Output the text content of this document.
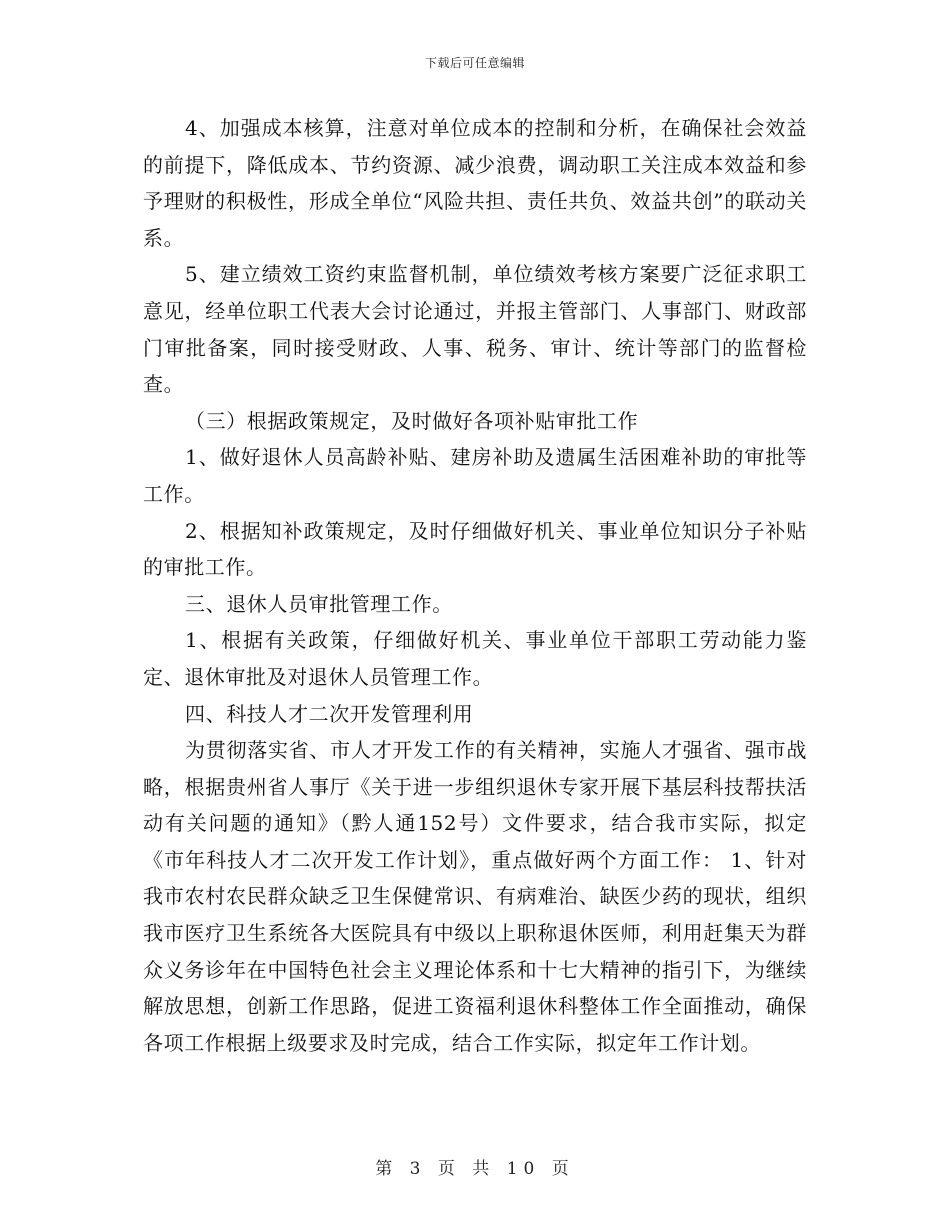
下载后可任意编辑

4、加强成本核算，注意对单位成本的控制和分析，在确保社会效益的前提下，降低成本、节约资源、减少浪费，调动职工关注成本效益和参予理财的积极性，形成全单位“风险共担、责任共负、效益共创”的联动关系。

5、建立绩效工资约束监督机制，单位绩效考核方案要广泛征求职工意见，经单位职工代表大会讨论通过，并报主管部门、人事部门、财政部门审批备案，同时接受财政、人事、税务、审计、统计等部门的监督检查。

（三）根据政策规定，及时做好各项补贴审批工作

1、做好退休人员高龄补贴、建房补助及遗属生活困难补助的审批等工作。

2、根据知补政策规定，及时仔细做好机关、事业单位知识分子补贴的审批工作。

三、退休人员审批管理工作。

1、根据有关政策，仔细做好机关、事业单位干部职工劳动能力鉴定、退休审批及对退休人员管理工作。

四、科技人才二次开发管理利用

为贯彻落实省、市人才开发工作的有关精神，实施人才强省、强市战略，根据贵州省人事厅《关于进一步组织退休专家开展下基层科技帮扶活动有关问题的通知》（黔人通152号）文件要求，结合我市实际，拟定《市年科技人才二次开发工作计划》，重点做好两个方面工作： 1、针对我市农村农民群众缺乏卫生保健常识、有病难治、缺医少药的现状，组织我市医疗卫生系统各大医院具有中级以上职称退休医师，利用赶集天为群众义务诊年在中国特色社会主义理论体系和十七大精神的指引下，为继续解放思想，创新工作思路，促进工资福利退休科整体工作全面推动，确保各项工作根据上级要求及时完成，结合工作实际，拟定年工作计划。

第 3 页 共 10 页
